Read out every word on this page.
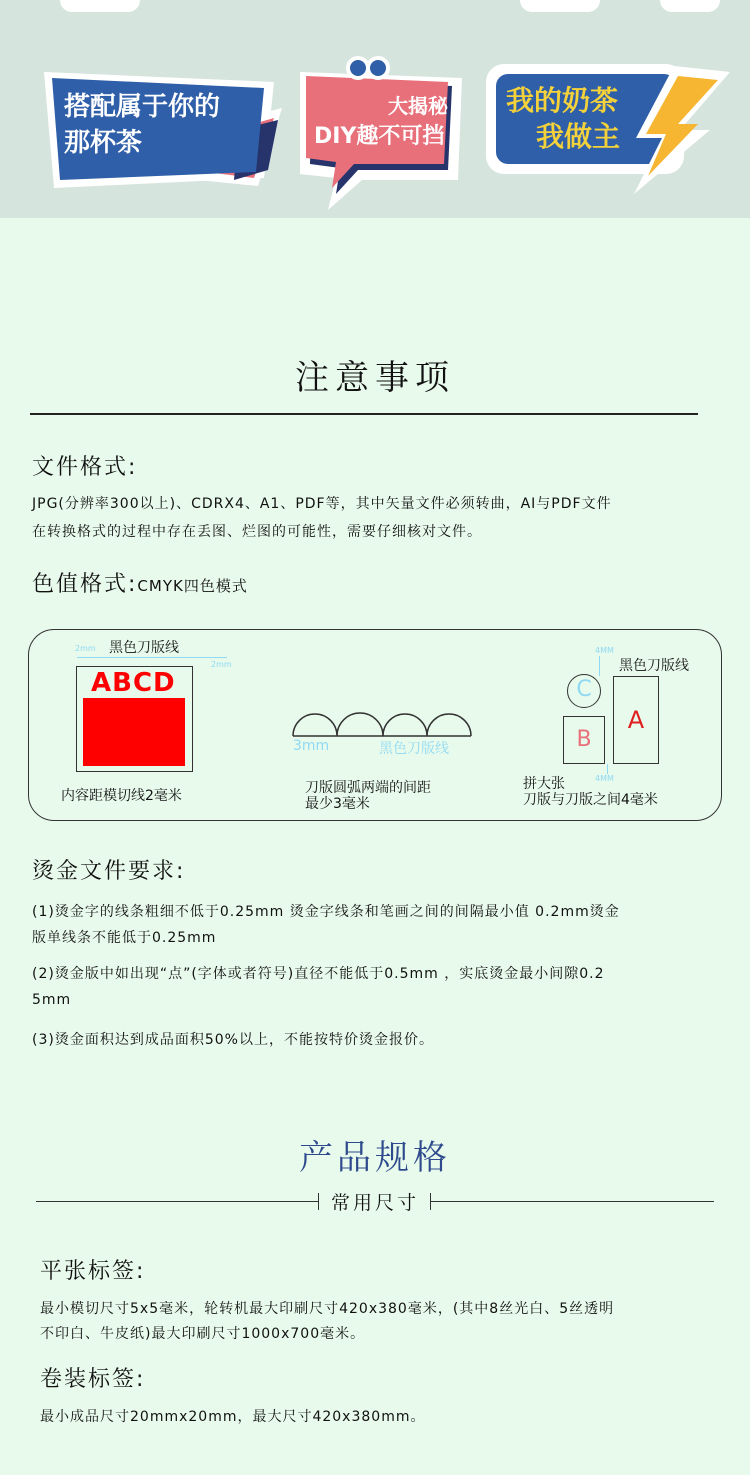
搭配属于你的
那杯茶
大揭秘
DIY趣不可挡
我的奶茶
我做主
注意事项
文件格式:
JPG(分辨率300以上)、CDRX4、A1、PDF等，其中矢量文件必须转曲，AI与PDF文件
在转换格式的过程中存在丢图、烂图的可能性，需要仔细核对文件。
色值格式:CMYK四色模式
黑色刀版线
2mm
2mm
ABCD
内容距模切线2毫米
3mm	黑色刀版线
刀版圆弧两端的间距
最少3毫米
4MM
黑色刀版线
C
B
A
4MM
拼大张
刀版与刀版之间4毫米
烫金文件要求:
(1)烫金字的线条粗细不低于0.25mm 烫金字线条和笔画之间的间隔最小值 0.2mm烫金
版单线条不能低于0.25mm
(2)烫金版中如出现“点”(字体或者符号)直径不能低于0.5mm ，实底烫金最小间隙0.2
5mm
(3)烫金面积达到成品面积50%以上，不能按特价烫金报价。
产品规格
常用尺寸
平张标签:
最小模切尺寸5x5毫米，轮转机最大印刷尺寸420x380毫米，(其中8丝光白、5丝透明
不印白、牛皮纸)最大印刷尺寸1000x700毫米。
卷装标签:
最小成品尺寸20mmx20mm，最大尺寸420x380mm。
